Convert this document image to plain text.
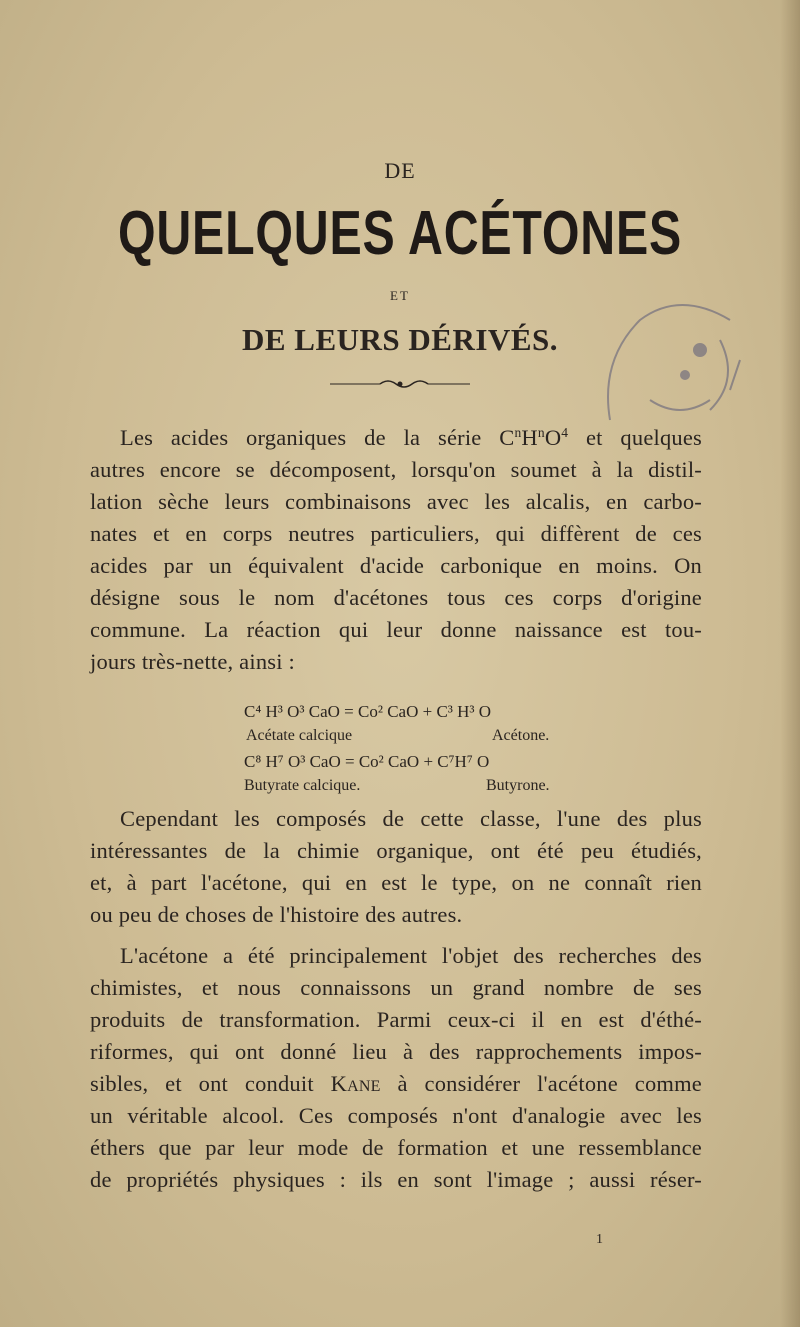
DE
QUELQUES ACÉTONES
ET
DE LEURS DÉRIVÉS.
Les acides organiques de la série $C^nH^nO^4$ et quelques
autres encore se décomposent, lorsqu'on soumet à la distil-
lation sèche leurs combinaisons avec les alcalis, en carbo-
nates et en corps neutres particuliers, qui diffèrent de ces
acides par un équivalent d'acide carbonique en moins. On
désigne sous le nom d'acétones tous ces corps d'origine
commune. La réaction qui leur donne naissance est tou-
jours très-nette, ainsi :
C⁴ H³ O³ CaO = Co² CaO + C³ H³ O
Acétate calcique	Acétone.
C⁸ H⁷ O³ CaO = Co² CaO + C⁷H⁷ O
Butyrate calcique.	Butyrone.
Cependant les composés de cette classe, l'une des plus
intéressantes de la chimie organique, ont été peu étudiés,
et, à part l'acétone, qui en est le type, on ne connaît rien
ou peu de choses de l'histoire des autres.
L'acétone a été principalement l'objet des recherches des
chimistes, et nous connaissons un grand nombre de ses
produits de transformation. Parmi ceux-ci il en est d'éthé-
riformes, qui ont donné lieu à des rapprochements impos-
sibles, et ont conduit Kane à considérer l'acétone comme
un véritable alcool. Ces composés n'ont d'analogie avec les
éthers que par leur mode de formation et une ressemblance
de propriétés physiques : ils en sont l'image ; aussi réser-
1
